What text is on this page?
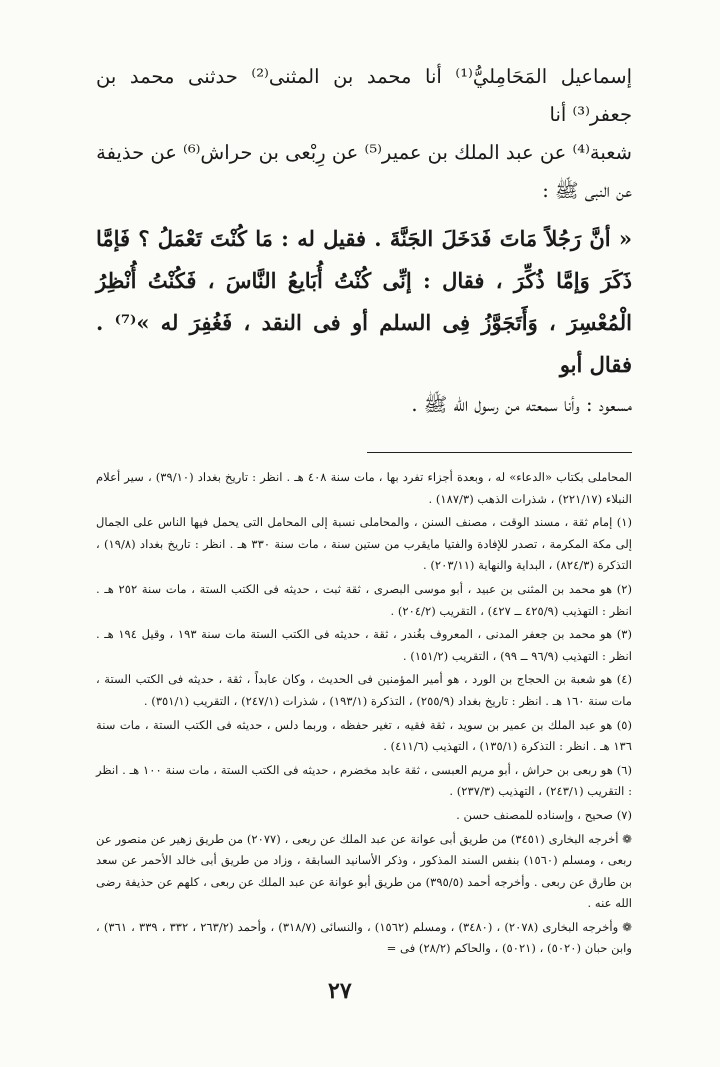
إسماعيل المَحَامِليُّ⁽¹⁾ أنا محمد بن المثنى⁽²⁾ حدثنى محمد بن جعفر⁽³⁾ أنا

شعبة⁽⁴⁾ عن عبد الملك بن عمير⁽⁵⁾ عن رِبْعى بن حراش⁽⁶⁾ عن حذيفة

عن النبى ﷺ :

« أنَّ رَجُلاً مَاتَ فَدَخَلَ الجَنَّةَ . فقيل له : مَا كُنْتَ تَعْمَلُ ؟ فَإمَّا ذَكَرَ وَإمَّا ذُكِّرَ ، فقال : إنِّى كُنْتُ أُبَايعُ النَّاسَ ، فَكُنْتُ أُنْظِرُ الْمُعْسِرَ ، وَأَتَجَوَّزُ فِى السلم أو فى النقد ، فَغُفِرَ له »⁽⁷⁾ . فقال أبو

مسعود : وأنا سمعته من رسول الله ﷺ .

المحاملى بكتاب «الدعاء» له ، وبعدة أجزاء تفرد بها ، مات سنة ٤٠٨ هـ . انظر : تاريخ بغداد (٣٩/١٠) ، سير أعلام النبلاء (٢٢١/١٧) ، شذرات الذهب (١٨٧/٣) .

(١) إمام ثقة ، مسند الوقت ، مصنف السنن ، والمحاملى نسبة إلى المحامل التى يحمل فيها الناس على الجمال إلى مكة المكرمة ، تصدر للإفادة والفتيا مايقرب من ستين سنة ، مات سنة ٣٣٠ هـ . انظر : تاريخ بغداد (١٩/٨) ، التذكرة (٨٢٤/٣) ، البداية والنهاية (٢٠٣/١١) .

(٢) هو محمد بن المثنى بن عبيد ، أبو موسى البصرى ، ثقة ثبت ، حديثه فى الكتب الستة ، مات سنة ٢٥٢ هـ . انظر : التهذيب (٤٢٥/٩ ــ ٤٢٧) ، التقريب (٢٠٤/٢) .

(٣) هو محمد بن جعفر المدنى ، المعروف بغُندر ، ثقة ، حديثه فى الكتب الستة مات سنة ١٩٣ ، وقيل ١٩٤ هـ . انظر : التهذيب (٩٦/٩ ــ ٩٩) ، التقريب (١٥١/٢) .

(٤) هو شعبة بن الحجاج بن الورد ، هو أمير المؤمنين فى الحديث ، وكان عابداً ، ثقة ، حديثه فى الكتب الستة ، مات سنة ١٦٠ هـ . انظر : تاريخ بغداد (٢٥٥/٩) ، التذكرة (١٩٣/١) ، شذرات (٢٤٧/١) ، التقريب (٣٥١/١) .

(٥) هو عبد الملك بن عمير بن سويد ، ثقة فقيه ، تغير حفظه ، وربما دلس ، حديثه فى الكتب الستة ، مات سنة ١٣٦ هـ . انظر : التذكرة (١٣٥/١) ، التهذيب (٤١١/٦) .

(٦) هو ربعى بن حراش ، أبو مريم العبسى ، ثقة عابد مخضرم ، حديثه فى الكتب الستة ، مات سنة ١٠٠ هـ . انظر : التقريب (٢٤٣/١) ، التهذيب (٢٣٧/٣) .

(٧) صحيح ، وإسناده للمصنف حسن .

❁ أخرجه البخارى (٣٤٥١) من طريق أبى عوانة عن عبد الملك عن ربعى ، (٢٠٧٧) من طريق زهير عن منصور عن ربعى ، ومسلم (١٥٦٠) بنفس السند المذكور ، وذكر الأسانيد السابقة ، وزاد من طريق أبى خالد الأحمر عن سعد بن طارق عن ربعى . وأخرجه أحمد (٣٩٥/٥) من طريق أبو عوانة عن عبد الملك عن ربعى ، كلهم عن حذيفة رضى الله عنه .

❁ وأخرجه البخارى (٢٠٧٨) ، (٣٤٨٠) ، ومسلم (١٥٦٢) ، والنسائى (٣١٨/٧) ، وأحمد (٢٦٣/٢ ، ٣٣٢ ، ٣٣٩ ، ٣٦١) ، وابن حبان (٥٠٢٠) ، (٥٠٢١) ، والحاكم (٢٨/٢) فى =

٢٧
